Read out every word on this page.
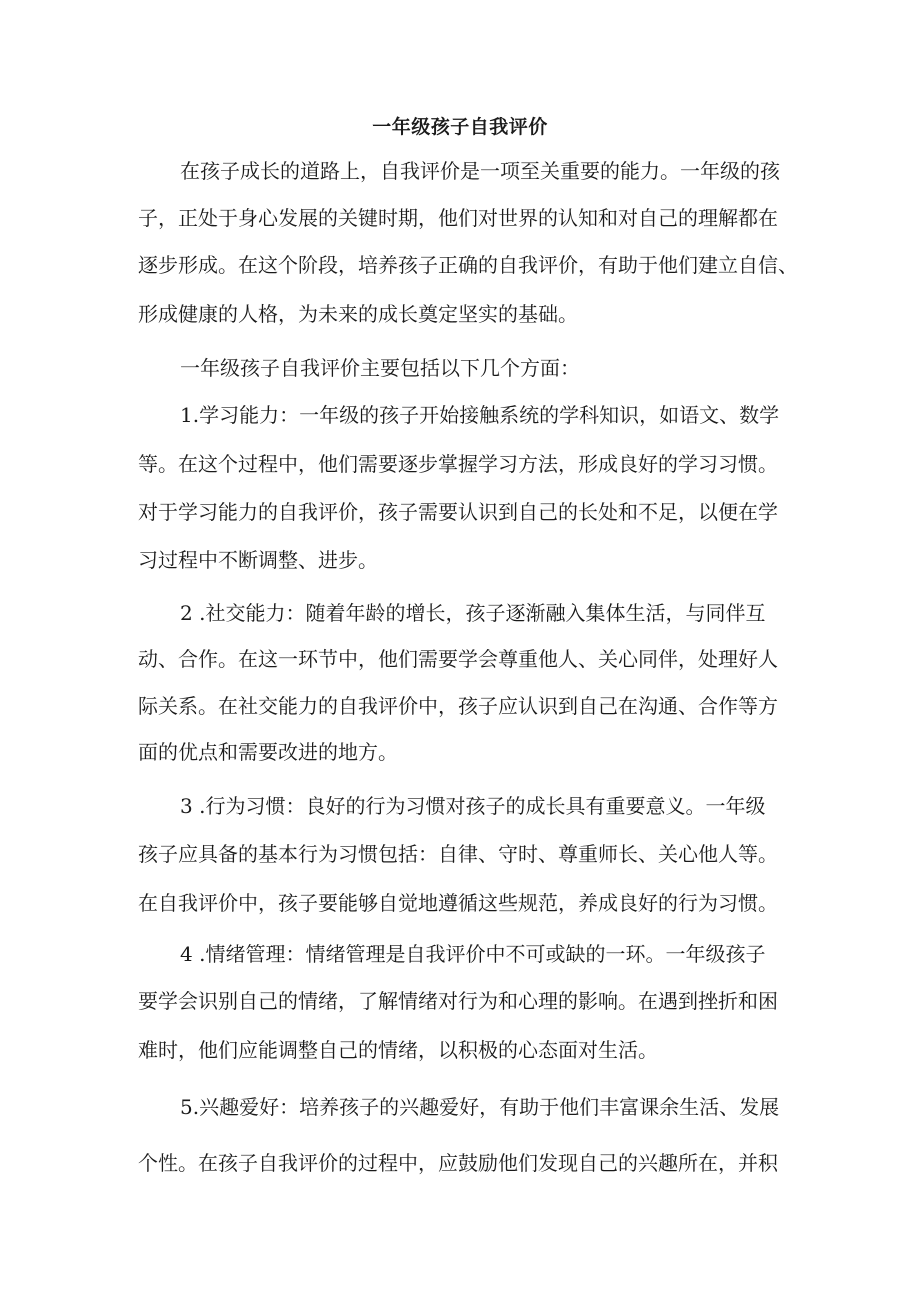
一年级孩子自我评价

在孩子成长的道路上，自我评价是一项至关重要的能力。一年级的孩

子，正处于身心发展的关键时期，他们对世界的认知和对自己的理解都在

逐步形成。在这个阶段，培养孩子正确的自我评价，有助于他们建立自信、

形成健康的人格，为未来的成长奠定坚实的基础。

一年级孩子自我评价主要包括以下几个方面：

1.学习能力：一年级的孩子开始接触系统的学科知识，如语文、数学

等。在这个过程中，他们需要逐步掌握学习方法，形成良好的学习习惯。

对于学习能力的自我评价，孩子需要认识到自己的长处和不足，以便在学

习过程中不断调整、进步。

2 .社交能力：随着年龄的增长，孩子逐渐融入集体生活，与同伴互

动、合作。在这一环节中，他们需要学会尊重他人、关心同伴，处理好人

际关系。在社交能力的自我评价中，孩子应认识到自己在沟通、合作等方

面的优点和需要改进的地方。

3 .行为习惯：良好的行为习惯对孩子的成长具有重要意义。一年级

孩子应具备的基本行为习惯包括：自律、守时、尊重师长、关心他人等。

在自我评价中，孩子要能够自觉地遵循这些规范，养成良好的行为习惯。

4 .情绪管理：情绪管理是自我评价中不可或缺的一环。一年级孩子

要学会识别自己的情绪，了解情绪对行为和心理的影响。在遇到挫折和困

难时，他们应能调整自己的情绪，以积极的心态面对生活。

5.兴趣爱好：培养孩子的兴趣爱好，有助于他们丰富课余生活、发展

个性。在孩子自我评价的过程中，应鼓励他们发现自己的兴趣所在，并积
